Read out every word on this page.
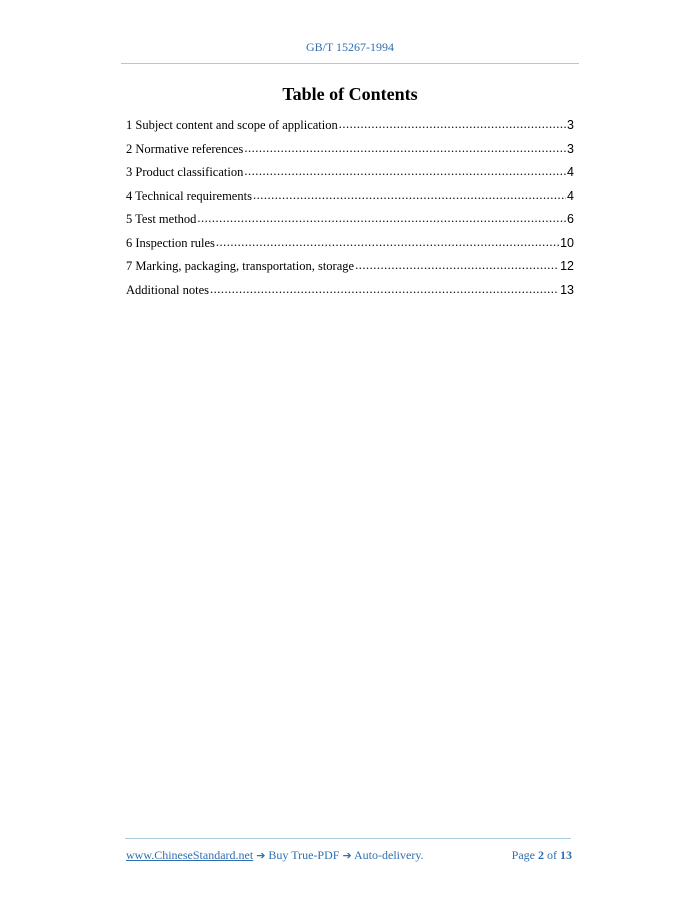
GB/T 15267-1994
Table of Contents
1 Subject content and scope of application .....	3
2 Normative references .....	3
3 Product classification .....	4
4 Technical requirements .....	4
5 Test method .....	6
6 Inspection rules .....	10
7 Marking, packaging, transportation, storage .....	12
Additional notes .....	13
www.ChineseStandard.net ➔ Buy True-PDF ➔ Auto-delivery.	Page 2 of 13
